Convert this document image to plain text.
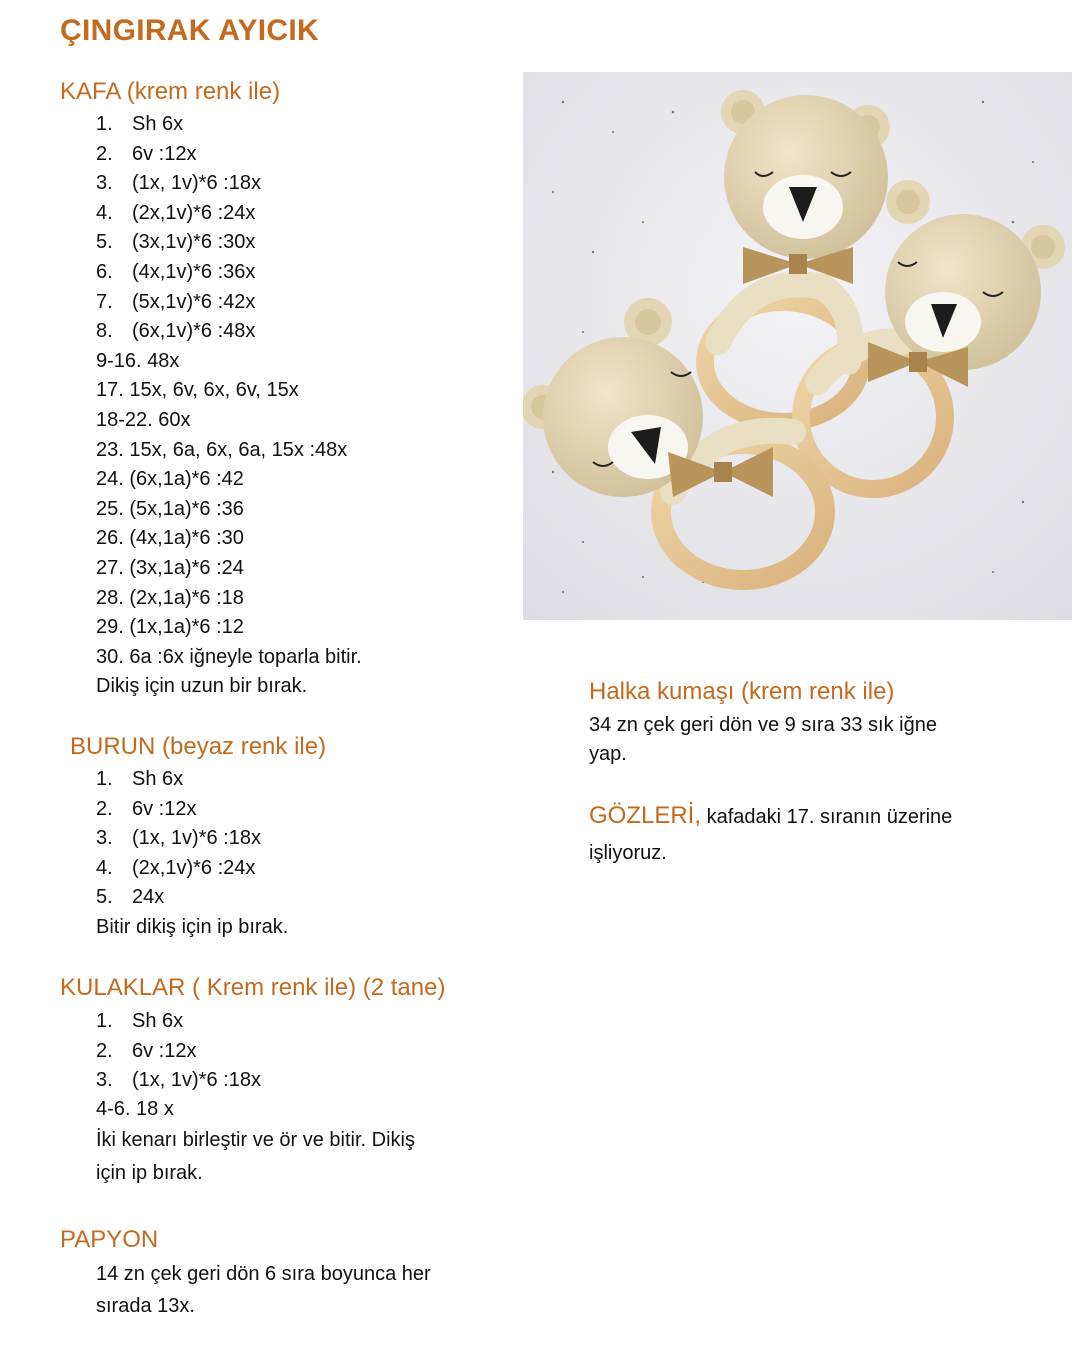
ÇINGIRAK AYICIK
KAFA (krem renk ile)
1. Sh 6x
2. 6v :12x
3. (1x, 1v)*6 :18x
4. (2x,1v)*6 :24x
5. (3x,1v)*6 :30x
6. (4x,1v)*6 :36x
7. (5x,1v)*6 :42x
8. (6x,1v)*6 :48x
9-16. 48x
17. 15x, 6v, 6x, 6v, 15x
18-22. 60x
23. 15x, 6a, 6x, 6a, 15x :48x
24. (6x,1a)*6 :42
25. (5x,1a)*6 :36
26. (4x,1a)*6 :30
27. (3x,1a)*6 :24
28. (2x,1a)*6 :18
29. (1x,1a)*6 :12
30. 6a :6x iğneyle toparla bitir.
Dikiş için uzun bir bırak.
BURUN (beyaz renk ile)
1. Sh 6x
2. 6v :12x
3. (1x, 1v)*6 :18x
4. (2x,1v)*6 :24x
5. 24x
Bitir dikiş için ip bırak.
KULAKLAR ( Krem renk ile) (2 tane)
1. Sh 6x
2. 6v :12x
3. (1x, 1v)*6 :18x
4-6. 18 x
İki kenarı birleştir ve ör ve bitir. Dikiş
için ip bırak.
PAPYON
14 zn çek geri dön 6 sıra boyunca her
sırada 13x.
Halka kumaşı (krem renk ile)
34 zn çek geri dön ve 9 sıra 33 sık iğne
yap.
GÖZLERİ, kafadaki 17. sıranın üzerine
işliyoruz.
